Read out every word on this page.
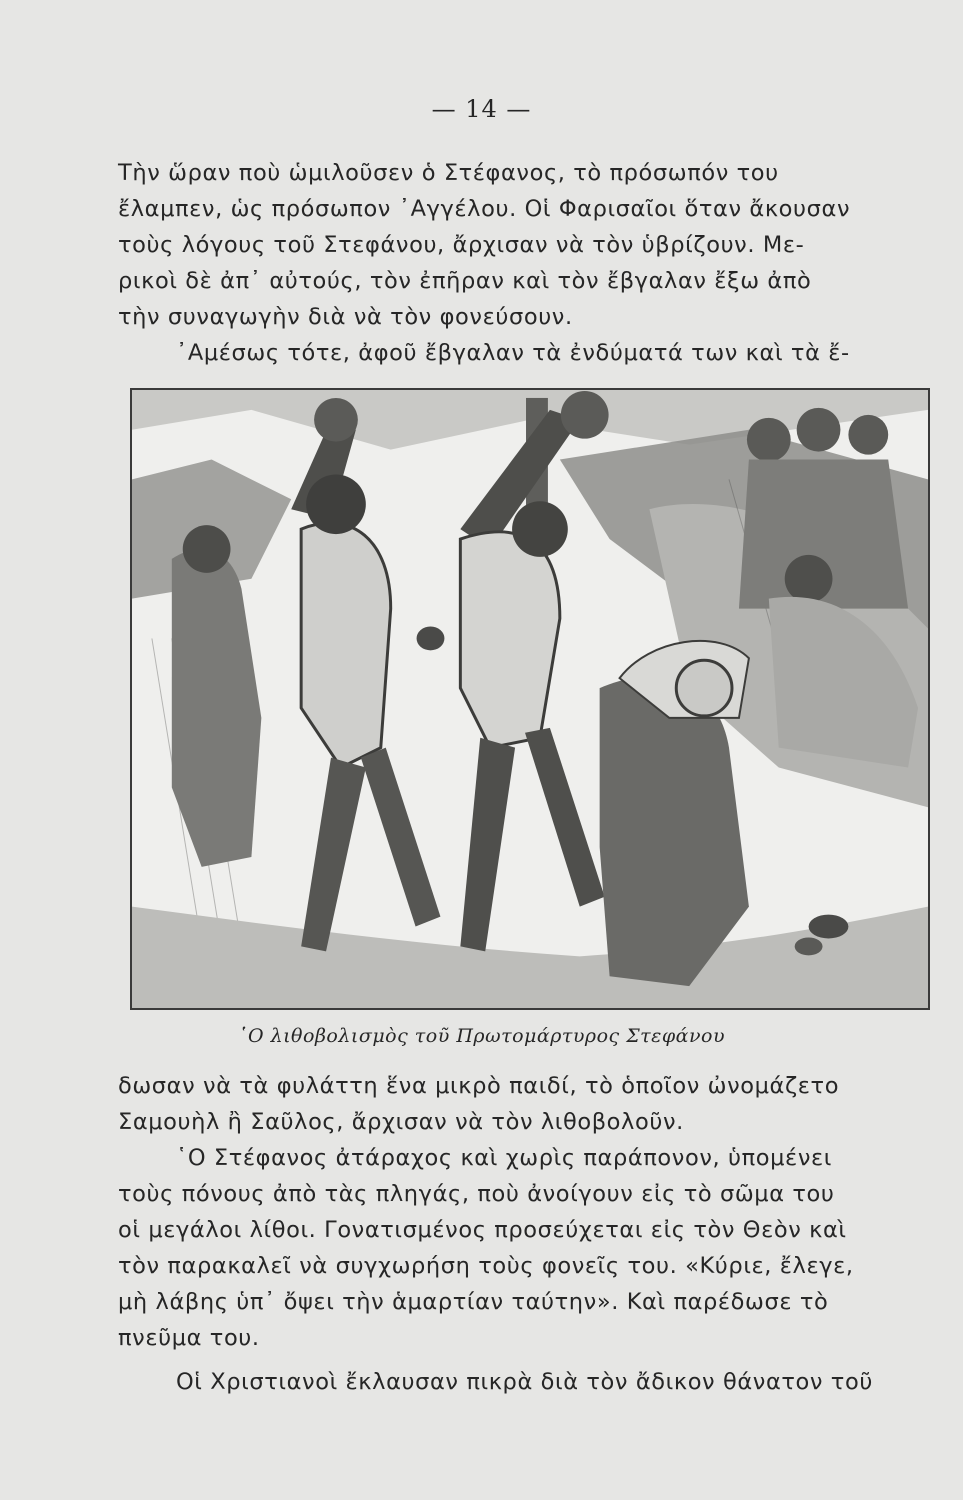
— 14 —
Τὴν ὥραν ποὺ ὡμιλοῦσεν ὁ Στέφανος, τὸ πρόσωπόν του
ἔλαμπεν, ὡς πρόσωπον ᾿Αγγέλου. Οἱ Φαρισαῖοι ὅταν ἄκουσαν
τοὺς λόγους τοῦ Στεφάνου, ἄρχισαν νὰ τὸν ὑβρίζουν. Με-
ρικοὶ δὲ ἀπ᾿ αὐτούς, τὸν ἐπῆραν καὶ τὸν ἔβγαλαν ἔξω ἀπὸ
τὴν συναγωγὴν διὰ νὰ τὸν φονεύσουν.
᾿Αμέσως τότε, ἀφοῦ ἔβγαλαν τὰ ἐνδύματά των καὶ τὰ ἔ-
῾Ο λιθοβολισμὸς τοῦ Πρωτομάρτυρος Στεφάνου
δωσαν νὰ τὰ φυλάττη ἕνα μικρὸ παιδί, τὸ ὁποῖον ὠνομάζετο
Σαμουὴλ ἢ Σαῦλος, ἄρχισαν νὰ τὸν λιθοβολοῦν.
῾Ο Στέφανος ἀτάραχος καὶ χωρὶς παράπονον, ὑπομένει
τοὺς πόνους ἀπὸ τὰς πληγάς, ποὺ ἀνοίγουν εἰς τὸ σῶμα του
οἱ μεγάλοι λίθοι. Γονατισμένος προσεύχεται εἰς τὸν Θεὸν καὶ
τὸν παρακαλεῖ νὰ συγχωρήση τοὺς φονεῖς του. «Κύριε, ἔλεγε,
μὴ λάβης ὑπ᾿ ὄψει τὴν ἁμαρτίαν ταύτην». Καὶ παρέδωσε τὸ
πνεῦμα του.
Οἱ Χριστιανοὶ ἔκλαυσαν πικρὰ διὰ τὸν ἄδικον θάνατον τοῦ
